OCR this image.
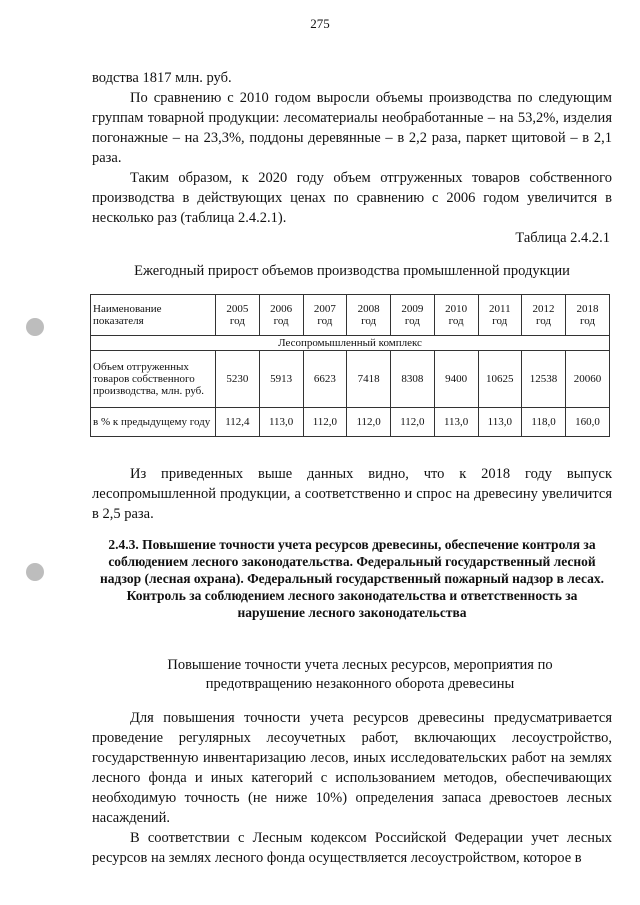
275

водства 1817 млн. руб.

По сравнению с 2010 годом выросли объемы производства по следующим группам товарной продукции: лесоматериалы необработанные – на 53,2%, изделия погонажные – на 23,3%, поддоны деревянные – в 2,2 раза, паркет щитовой – в 2,1 раза.

Таким образом, к 2020 году объем отгруженных товаров собственного производства в действующих ценах по сравнению с 2006 годом увеличится в несколько раз (таблица 2.4.2.1).

Таблица 2.4.2.1
Ежегодный прирост объемов производства промышленной продукции
Наименование показателя	2005 год	2006 год	2007 год	2008 год	2009 год	2010 год	2011 год	2012 год	2018 год
Лесопромышленный комплекс									
Объем отгруженных товаров собственного производства, млн. руб.	5230	5913	6623	7418	8308	9400	10625	12538	20060
в % к предыдущему году	112,4	113,0	112,0	112,0	112,0	113,0	113,0	118,0	160,0

Из приведенных выше данных видно, что к 2018 году выпуск лесопромышленной продукции, а соответственно и спрос на древесину увеличится в 2,5 раза.

2.4.3. Повышение точности учета ресурсов древесины, обеспечение контроля за соблюдением лесного законодательства. Федеральный государственный лесной надзор (лесная охрана). Федеральный государственный пожарный надзор в лесах. Контроль за соблюдением лесного законодательства и ответственность за нарушение лесного законодательства

Повышение точности учета лесных ресурсов, мероприятия по предотвращению незаконного оборота древесины

Для повышения точности учета ресурсов древесины предусматривается проведение регулярных лесоучетных работ, включающих лесоустройство, государственную инвентаризацию лесов, иных исследовательских работ на землях лесного фонда и иных категорий с использованием методов, обеспечивающих необходимую точность (не ниже 10%) определения запаса древостоев лесных насаждений.

В соответствии с Лесным кодексом Российской Федерации учет лесных ресурсов на землях лесного фонда осуществляется лесоустройством, которое в
